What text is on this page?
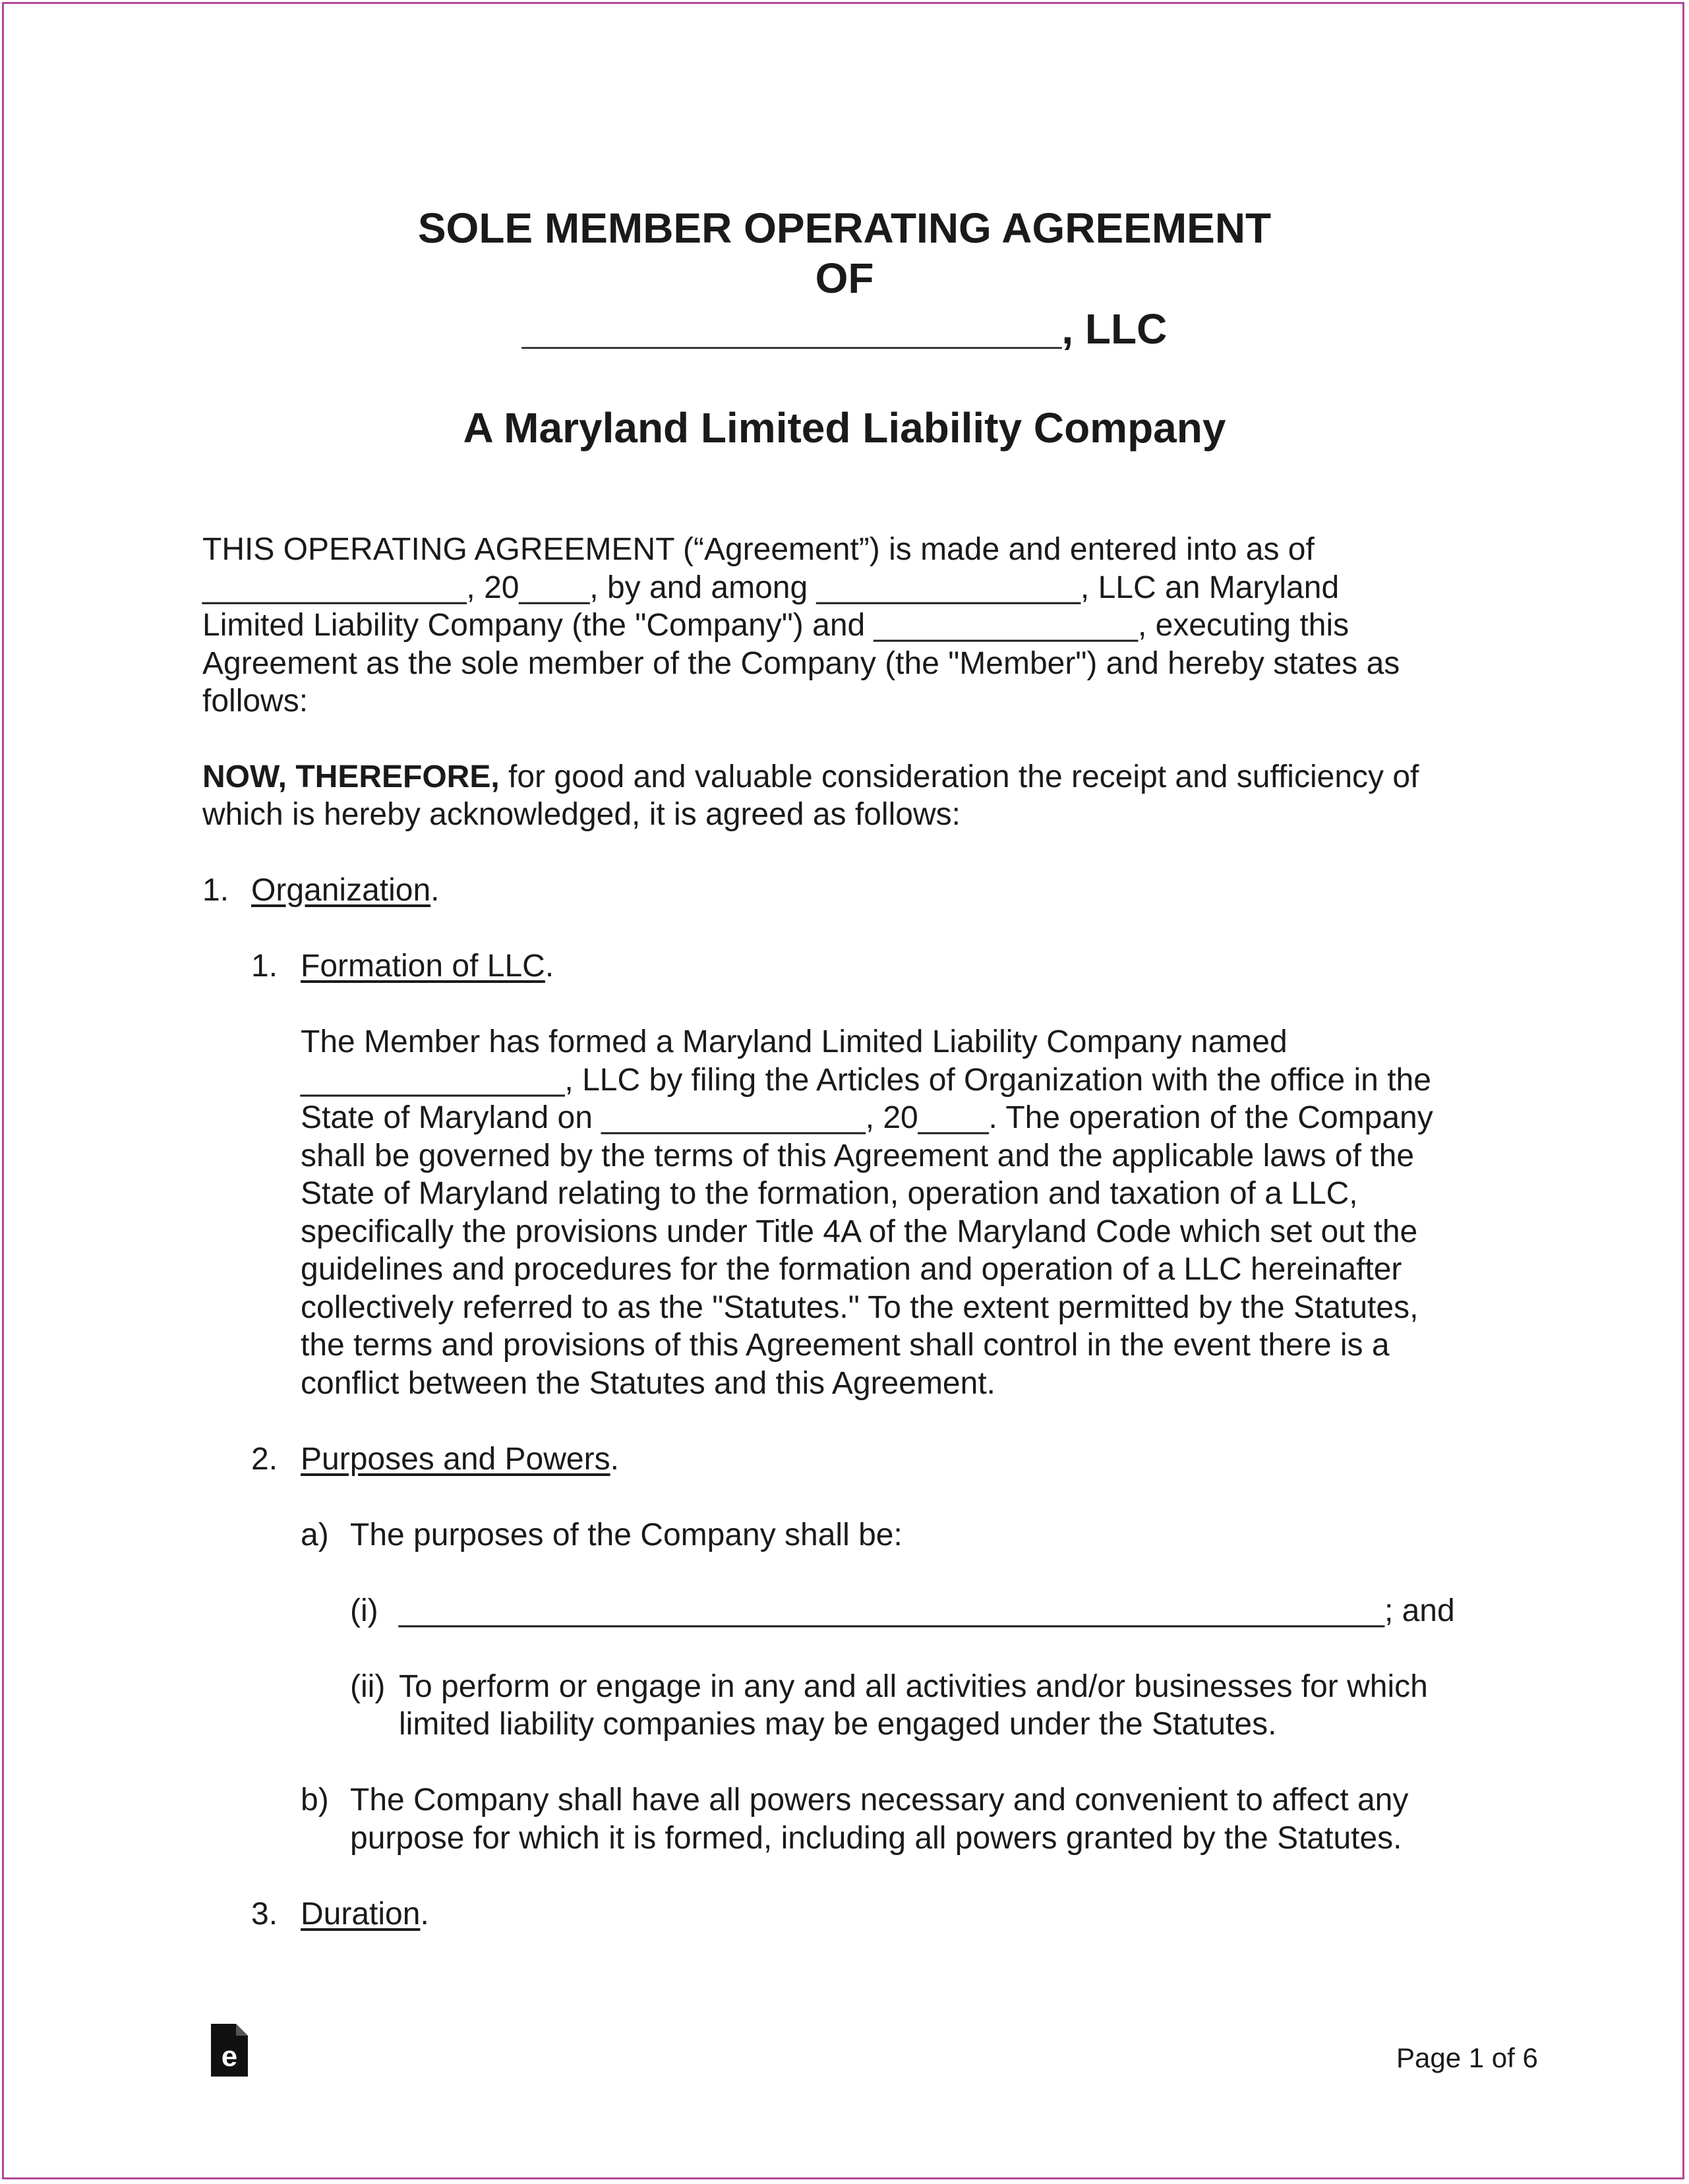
SOLE MEMBER OPERATING AGREEMENT
OF
_______________________, LLC
A Maryland Limited Liability Company
THIS OPERATING AGREEMENT (“Agreement”) is made and entered into as of
_______________, 20____, by and among _______________, LLC an Maryland
Limited Liability Company (the "Company") and _______________, executing this
Agreement as the sole member of the Company (the "Member") and hereby states as
follows:
NOW, THEREFORE, for good and valuable consideration the receipt and sufficiency of
which is hereby acknowledged, it is agreed as follows:
1. Organization.
1. Formation of LLC.
The Member has formed a Maryland Limited Liability Company named
_______________, LLC by filing the Articles of Organization with the office in the
State of Maryland on _______________, 20____. The operation of the Company
shall be governed by the terms of this Agreement and the applicable laws of the
State of Maryland relating to the formation, operation and taxation of a LLC,
specifically the provisions under Title 4A of the Maryland Code which set out the
guidelines and procedures for the formation and operation of a LLC hereinafter
collectively referred to as the "Statutes." To the extent permitted by the Statutes,
the terms and provisions of this Agreement shall control in the event there is a
conflict between the Statutes and this Agreement.
2. Purposes and Powers.
a) The purposes of the Company shall be:
(i) ________________________________________________________; and
(ii) To perform or engage in any and all activities and/or businesses for which
limited liability companies may be engaged under the Statutes.
b) The Company shall have all powers necessary and convenient to affect any
purpose for which it is formed, including all powers granted by the Statutes.
3. Duration.
e	Page 1 of 6
